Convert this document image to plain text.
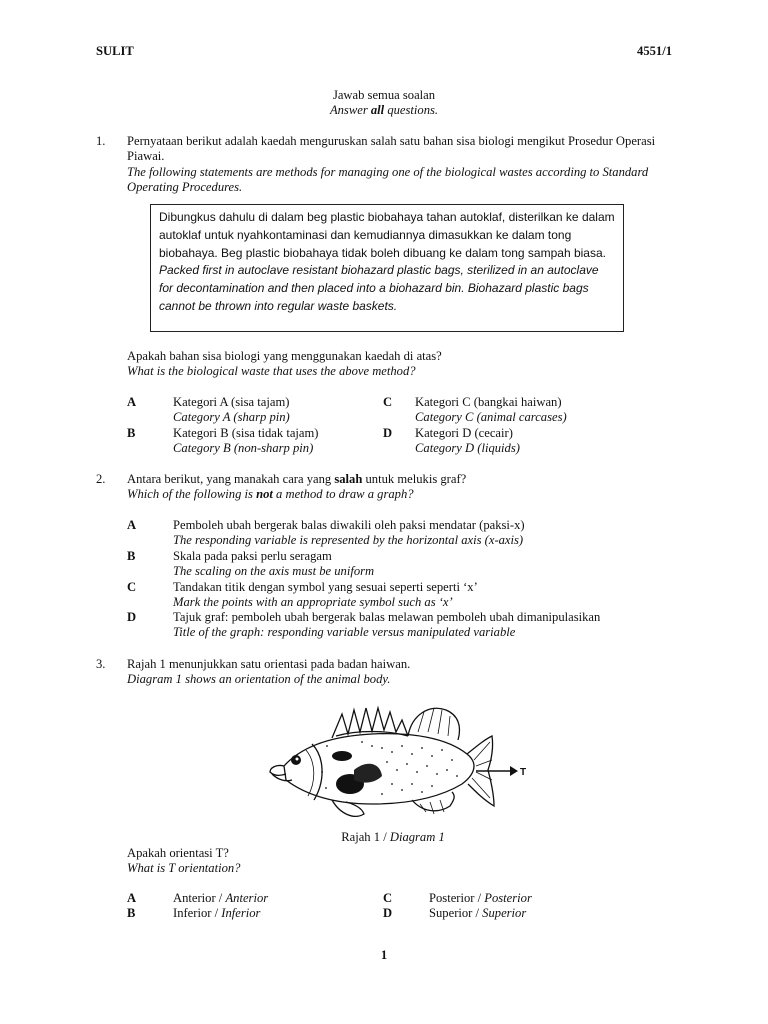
SULIT	4551/1
Jawab semua soalan
Answer all questions.
1. Pernyataan berikut adalah kaedah menguruskan salah satu bahan sisa biologi mengikut Prosedur Operasi Piawai.
The following statements are methods for managing one of the biological wastes according to Standard Operating Procedures.

Dibungkus dahulu di dalam beg plastic biobahaya tahan autoklaf, disterilkan ke dalam autoklaf untuk nyahkontaminasi dan kemudiannya dimasukkan ke dalam tong biobahaya. Beg plastic biobahaya tidak boleh dibuang ke dalam tong sampah biasa.

Packed first in autoclave resistant biohazard plastic bags, sterilized in an autoclave for decontamination and then placed into a biohazard bin. Biohazard plastic bags cannot be thrown into regular waste baskets.

Apakah bahan sisa biologi yang menggunakan kaedah di atas?
What is the biological waste that uses the above method?
A	Kategori A (sisa tajam)
Category A (sharp pin)
B	Kategori B (sisa tidak tajam)
Category B (non-sharp pin)
C Kategori C (bangkai haiwan)
Category C (animal carcases)
D Kategori D (cecair)
Category D (liquids)
2. Antara berikut, yang manakah cara yang salah untuk melukis graf?
Which of the following is not a method to draw a graph?
A	Pemboleh ubah bergerak balas diwakili oleh paksi mendatar (paksi-x)
The responding variable is represented by the horizontal axis (x-axis)
B	Skala pada paksi perlu seragam
The scaling on the axis must be uniform
C	Tandakan titik dengan symbol yang sesuai seperti seperti ‘x’
Mark the points with an appropriate symbol such as ‘x’
D	Tajuk graf: pemboleh ubah bergerak balas melawan pemboleh ubah dimanipulasikan
Title of the graph: responding variable versus manipulated variable
3. Rajah 1 menunjukkan satu orientasi pada badan haiwan.
Diagram 1 shows an orientation of the animal body.
T
Rajah 1 / Diagram 1
Apakah orientasi T?
What is T orientation?
A	Anterior / Anterior
B	Inferior / Inferior
C	Posterior / Posterior
D	Superior / Superior
1
